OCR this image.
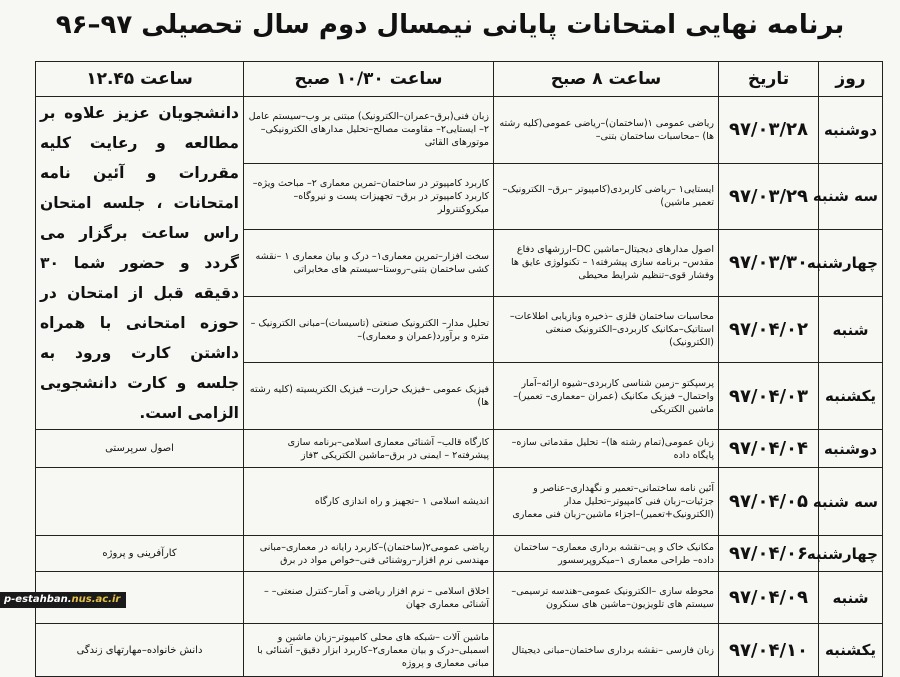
برنامه نهایی امتحانات پایانی نیمسال دوم سال تحصیلی ۹۷–۹۶
روز	تاریخ	ساعت ۸ صبح	ساعت ۱۰/۳۰ صبح	ساعت ۱۲.۴۵
دوشنبه	۹۷/۰۳/۲۸	ریاضی عمومی ۱(ساختمان)–ریاضی عمومی(کلیه رشته ها) –محاسبات ساختمان بتنی–	زبان فنی(برق–عمران–الکترونیک) مبتنی بر وب–سیستم عامل ۲– ایستایی۲– مقاومت مصالح–تحلیل مدارهای الکترونیکی– موتورهای القائی	دانشجویان عزیز علاوه بر مطالعه و رعایت کلیه مقررات و آئین نامه امتحانات ، جلسه امتحان راس ساعت برگزار می گردد و حضور شما ۳۰ دقیقه قبل از امتحان در حوزه امتحانی با همراه داشتن کارت ورود به جلسه و کارت دانشجویی الزامی است.
سه شنبه	۹۷/۰۳/۲۹	ایستایی۱ –ریاضی کاربردی(کامپیوتر –برق– الکترونیک–تعمیر ماشین)	کاربرد کامپیوتر در ساختمان–تمرین معماری ۲– مباحث ویژه–کاربرد کامپیوتر در برق– تجهیزات پست و نیروگاه– میکروکنترولر	
چهارشنبه	۹۷/۰۳/۳۰	اصول مدارهای دیجیتال–ماشین DC–ارزشهای دفاع مقدس– برنامه سازی پیشرفته۱ – تکنولوژی عایق ها وفشار قوی–تنظیم شرایط محیطی	سخت افزار–تمرین معماری۱– درک و بیان معماری ۱ –نقشه کشی ساختمان بتنی–روستا–سیستم های مخابراتی	
شنبه	۹۷/۰۴/۰۲	محاسبات ساختمان فلزی –ذخیره وبازیابی اطلاعات–استاتیک–مکانیک کاربردی–الکترونیک صنعتی (الکترونیک)	تحلیل مدار– الکترونیک صنعتی (تاسیسات)–مبانی الکترونیک – متره و برآورد(عمران و معماری)–	
یکشنبه	۹۷/۰۴/۰۳	پرسپکتو –زمین شناسی کاربردی–شیوه ارائه–آمار واحتمال– فیزیک مکانیک (عمران –معماری– تعمیر)–ماشین الکتریکی	فیزیک عمومی –فیزیک حرارت– فیزیک الکتریسیته (کلیه رشته ها)	
دوشنبه	۹۷/۰۴/۰۴	زبان عمومی(تمام رشته ها)– تحلیل مقدماتی سازه–پایگاه داده	کارگاه قالب– آشنائی معماری اسلامی–برنامه سازی پیشرفته۲ – ایمنی در برق–ماشین الکتریکی ۳فاز	اصول سرپرستی
سه شنبه	۹۷/۰۴/۰۵	آئین نامه ساختمانی–تعمیر و نگهداری–عناصر و جزئیات–زبان فنی کامپیوتر–تحلیل مدار (الکترونیک+تعمیر)–اجزاء ماشین–زبان فنی معماری	اندیشه اسلامی ۱ –تجهیز و راه اندازی کارگاه	
چهارشنبه	۹۷/۰۴/۰۶	مکانیک خاک و پی–نقشه برداری معماری– ساختمان داده– طراحی معماری ۱–میکروپرسسور	ریاضی عمومی۲(ساختمان)–کاربرد رایانه در معماری–مبانی مهندسی نرم افزار–روشنائی فنی–خواص مواد در برق	کارآفرینی و پروژه
شنبه	۹۷/۰۴/۰۹	محوطه سازی –الکترونیک عمومی–هندسه ترسیمی–سیستم های تلویزیون–ماشین های سنکرون	اخلاق اسلامی – نرم افزار ریاضی و آمار–کنترل صنعتی– – آشنائی معماری جهان	
یکشنبه	۹۷/۰۴/۱۰	زبان فارسی –نقشه برداری ساختمان–مبانی دیجیتال	ماشین آلات –شبکه های محلی کامپیوتر–زبان ماشین و اسمبلی–درک و بیان معماری۲–کاربرد ابزار دقیق– آشنائی با مبانی معماری و پروژه	دانش خانواده–مهارتهای زندگی
p-estahban.nus.ac.ir
